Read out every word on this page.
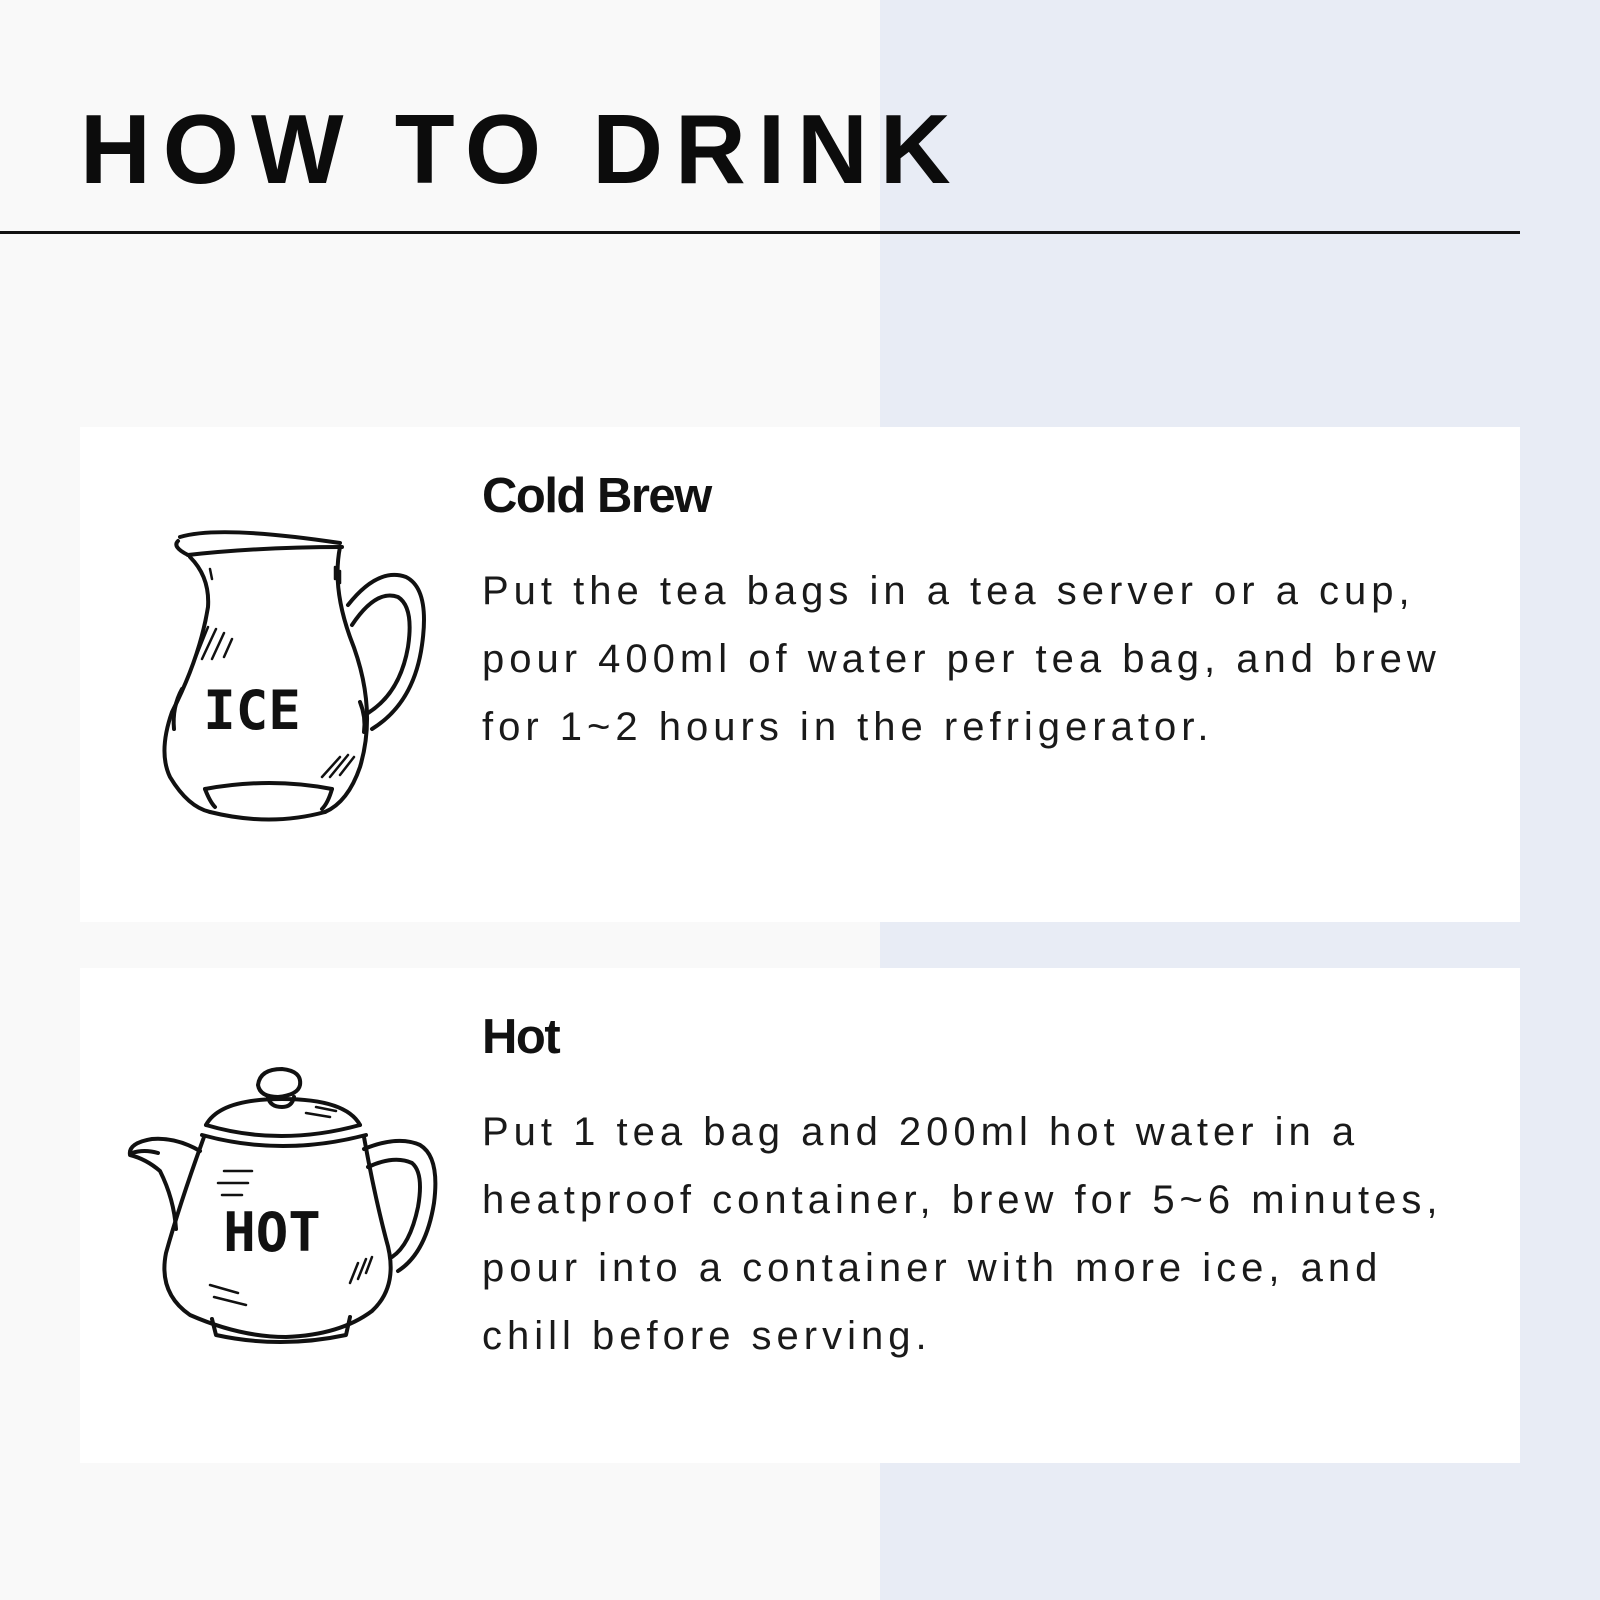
HOW TO DRINK
ICE
Cold Brew

Put the tea bags in a tea server or a cup, pour 400ml of water per tea bag, and brew for 1~2 hours in the refrigerator.

HOT
Hot

Put 1 tea bag and 200ml hot water in a heatproof container, brew for 5~6 minutes, pour into a container with more ice, and chill before serving.
